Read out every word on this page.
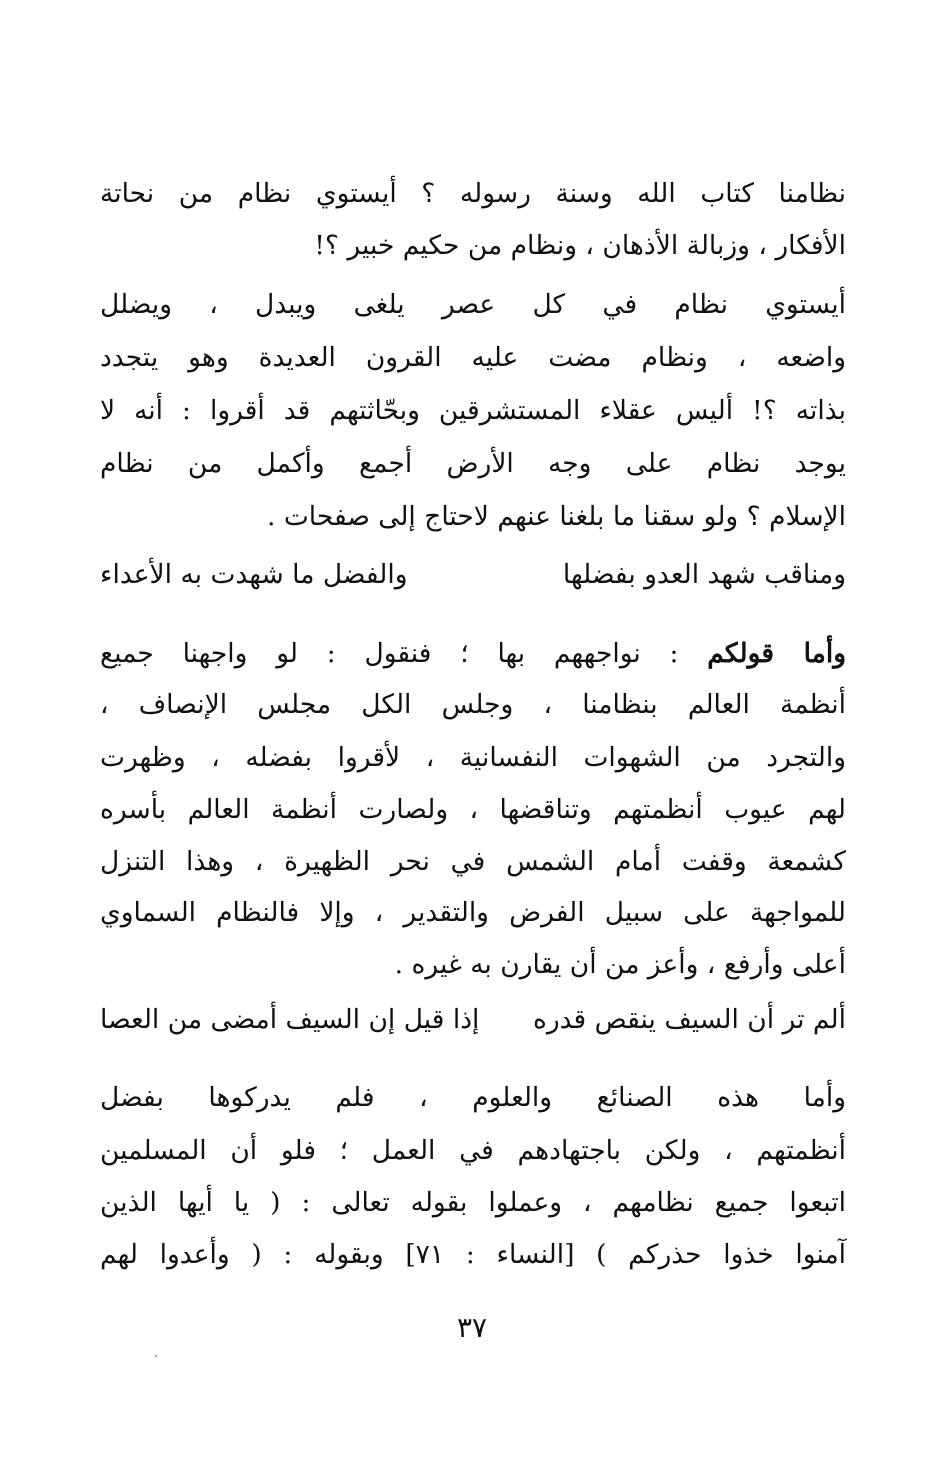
نظامنا كتاب الله وسنة رسوله ؟ أيستوي نظام من نحاتة
الأفكار ، وزبالة الأذهان ، ونظام من حكيم خبير ؟!
أيستوي نظام في كل عصر يلغى ويبدل ، ويضلل
واضعه ، ونظام مضت عليه القرون العديدة وهو يتجدد
بذاته ؟! أليس عقلاء المستشرقين وبحّاثتهم قد أقروا : أنه لا
يوجد نظام على وجه الأرض أجمع وأكمل من نظام
الإسلام ؟ ولو سقنا ما بلغنا عنهم لاحتاج إلى صفحات .
ومناقب شهد العدو بفضلها
والفضل ما شهدت به الأعداء
وأما قولكم : نواجههم بها ؛ فنقول : لو واجهنا جميع
أنظمة العالم بنظامنا ، وجلس الكل مجلس الإنصاف ،
والتجرد من الشهوات النفسانية ، لأقروا بفضله ، وظهرت
لهم عيوب أنظمتهم وتناقضها ، ولصارت أنظمة العالم بأسره
كشمعة وقفت أمام الشمس في نحر الظهيرة ، وهذا التنزل
للمواجهة على سبيل الفرض والتقدير ، وإلا فالنظام السماوي
أعلى وأرفع ، وأعز من أن يقارن به غيره .
ألم تر أن السيف ينقص قدره
إذا قيل إن السيف أمضى من العصا
وأما هذه الصنائع والعلوم ، فلم يدركوها بفضل
أنظمتهم ، ولكن باجتهادهم في العمل ؛ فلو أن المسلمين
اتبعوا جميع نظامهم ، وعملوا بقوله تعالى : ( يا أيها الذين
آمنوا خذوا حذركم ) [النساء : ٧١] وبقوله : ( وأعدوا لهم
٣٧
